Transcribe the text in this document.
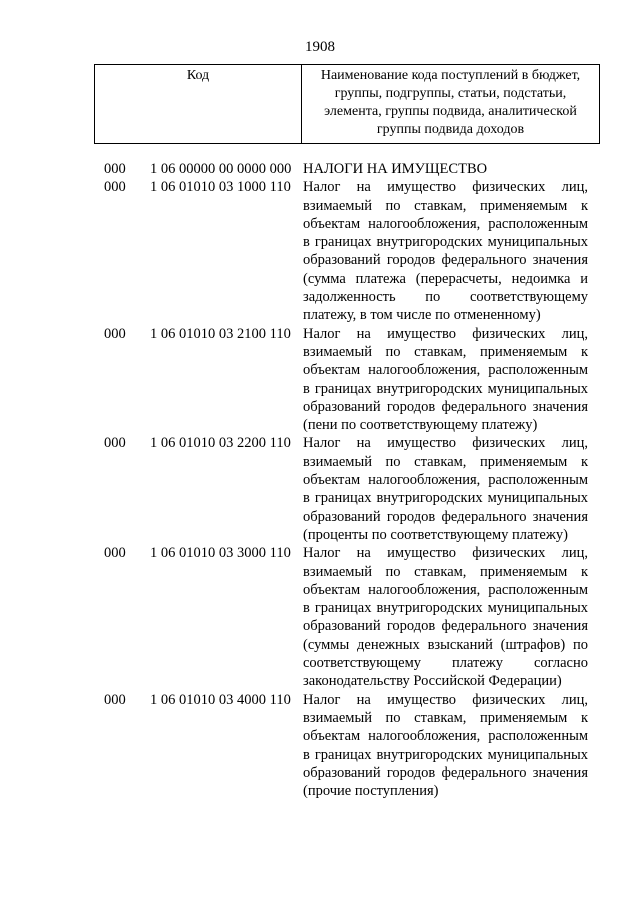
1908
Код	Наименование кода поступлений в бюджет,
группы, подгруппы, статьи, подстатьи,
элемента, группы подвида, аналитической
группы подвида доходов
000 1 06 00000 00 0000 000 НАЛОГИ НА ИМУЩЕСТВО
000 1 06 01010 03 1000 110 Налог на имущество физических лиц,
взимаемый по ставкам, применяемым к
объектам налогообложения, расположенным
в границах внутригородских муниципальных
образований городов федерального значения
(сумма платежа (перерасчеты, недоимка и
задолженность по соответствующему
платежу, в том числе по отмененному)
000 1 06 01010 03 2100 110 Налог на имущество физических лиц,
взимаемый по ставкам, применяемым к
объектам налогообложения, расположенным
в границах внутригородских муниципальных
образований городов федерального значения
(пени по соответствующему платежу)
000 1 06 01010 03 2200 110 Налог на имущество физических лиц,
взимаемый по ставкам, применяемым к
объектам налогообложения, расположенным
в границах внутригородских муниципальных
образований городов федерального значения
(проценты по соответствующему платежу)
000 1 06 01010 03 3000 110 Налог на имущество физических лиц,
взимаемый по ставкам, применяемым к
объектам налогообложения, расположенным
в границах внутригородских муниципальных
образований городов федерального значения
(суммы денежных взысканий (штрафов) по
соответствующему платежу согласно
законодательству Российской Федерации)
000 1 06 01010 03 4000 110 Налог на имущество физических лиц,
взимаемый по ставкам, применяемым к
объектам налогообложения, расположенным
в границах внутригородских муниципальных
образований городов федерального значения
(прочие поступления)
